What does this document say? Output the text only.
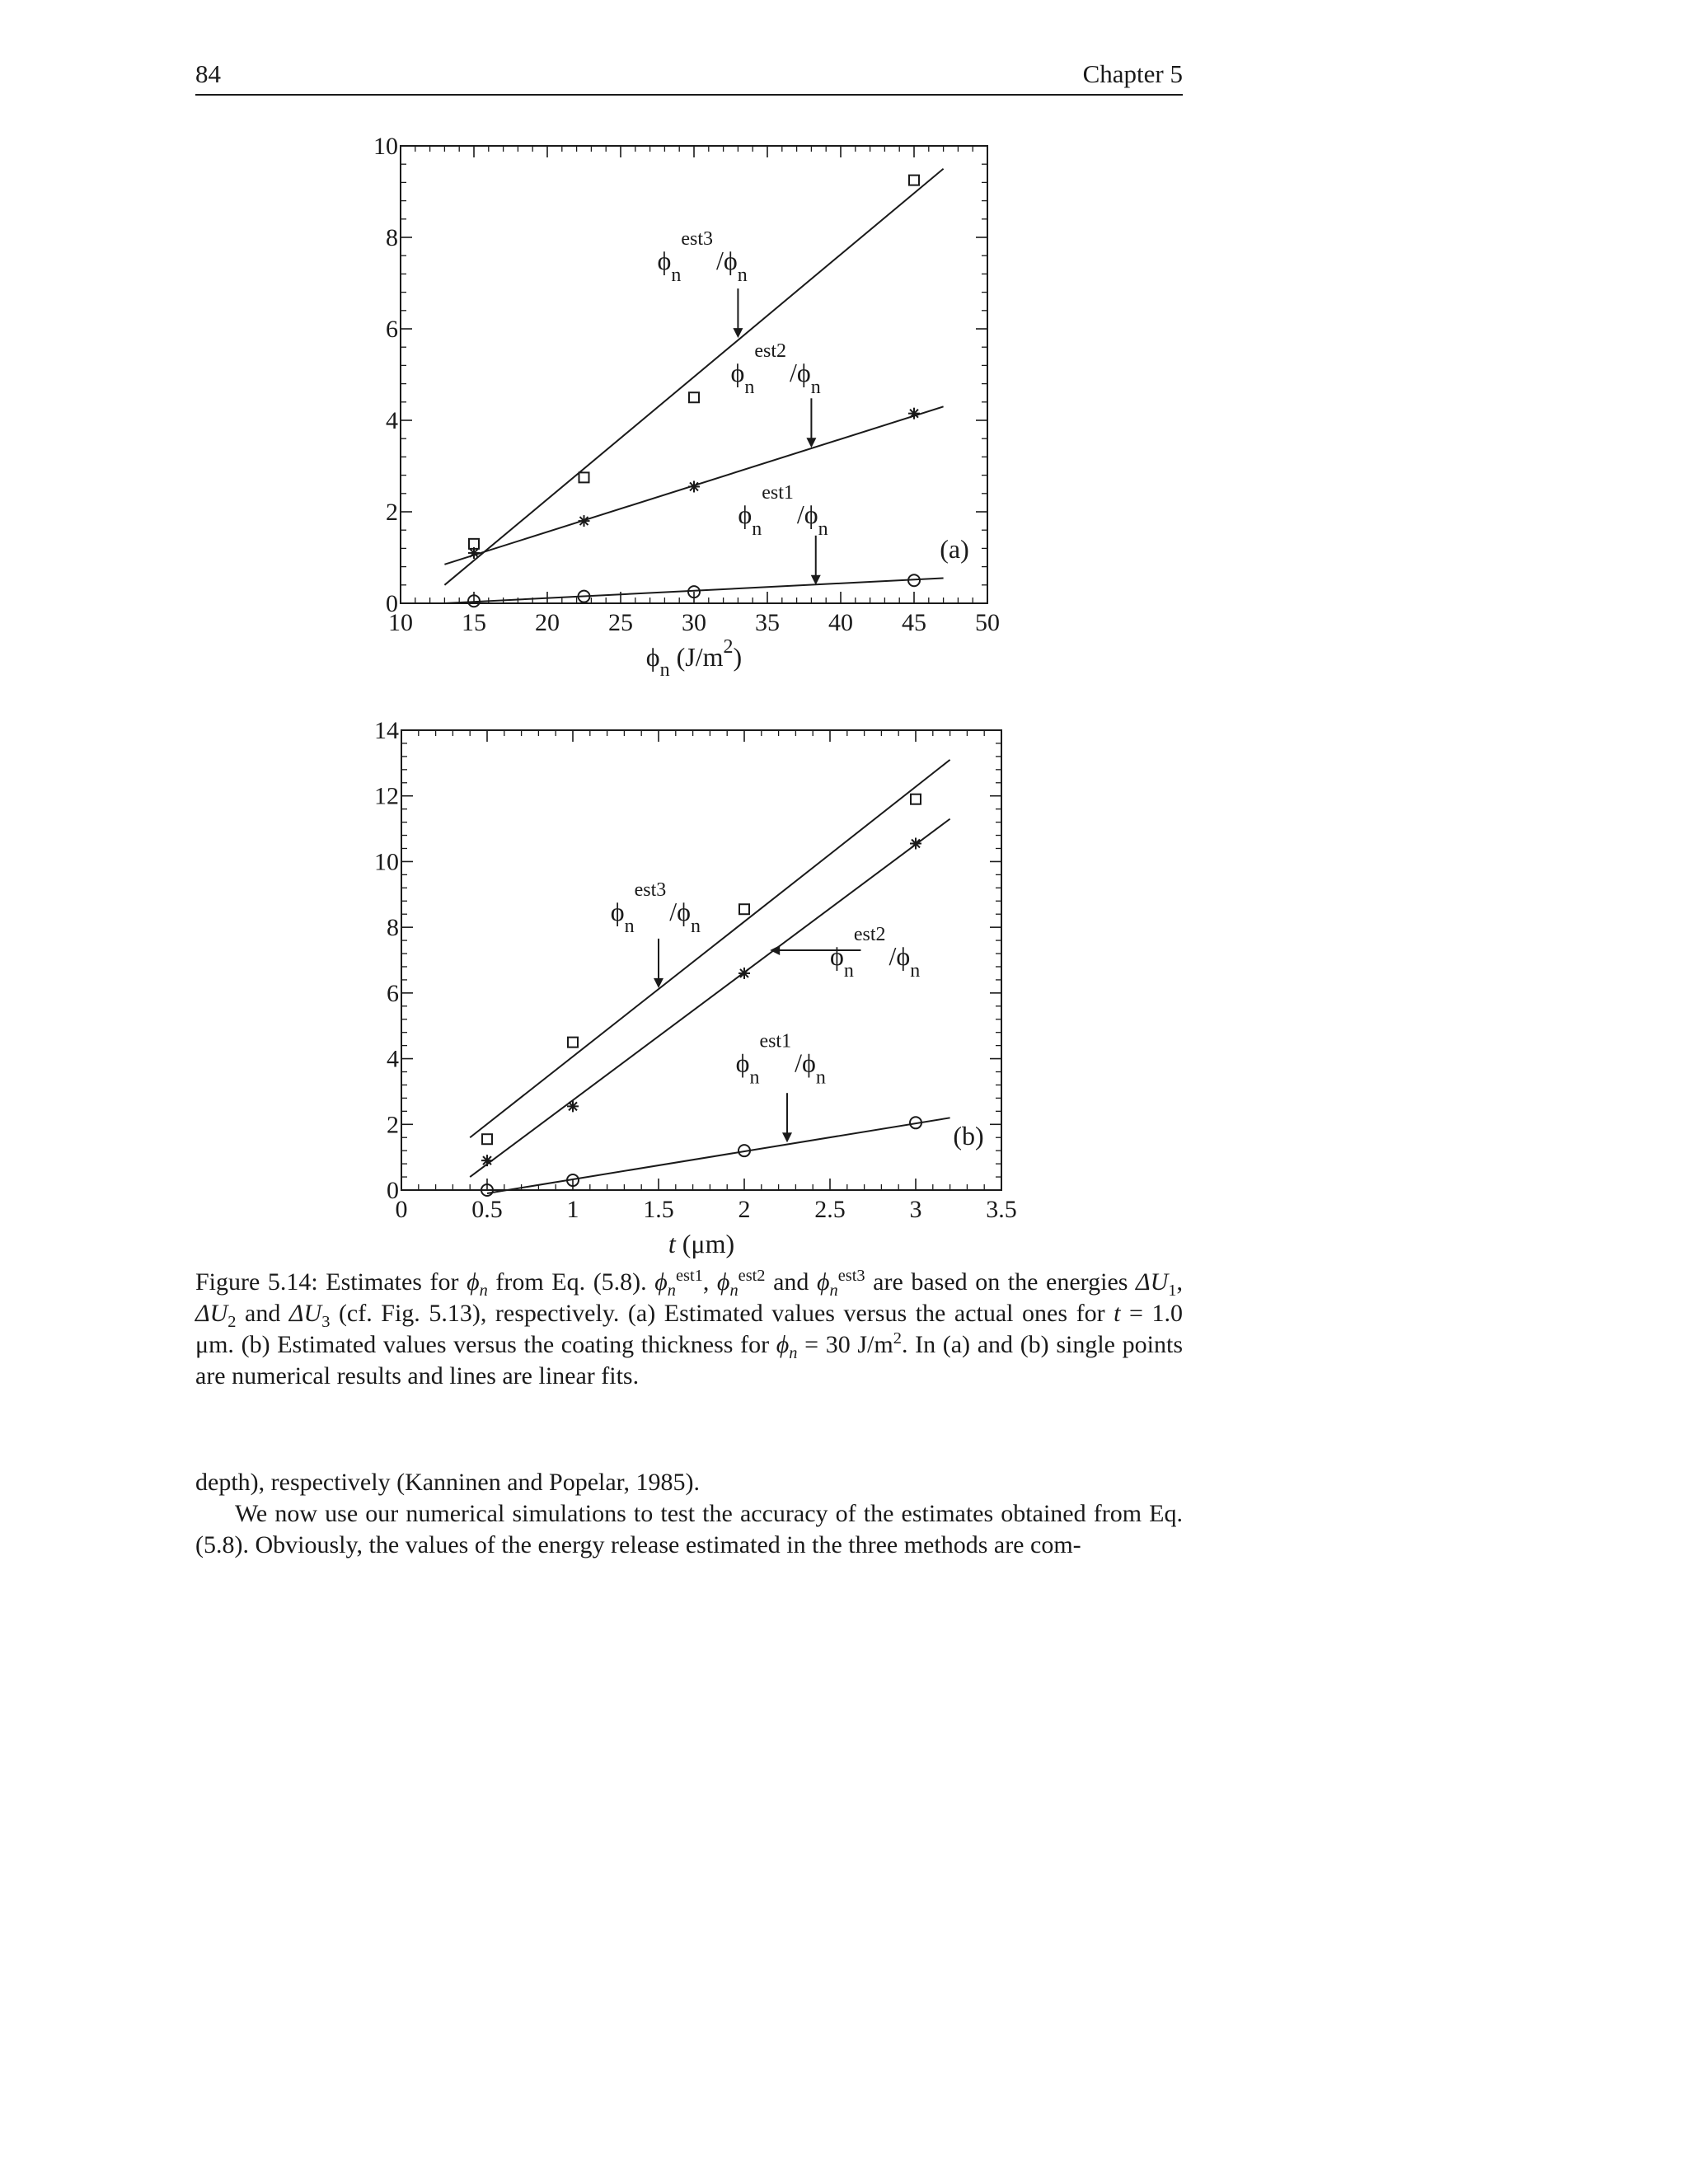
84	Chapter 5
10 15 20 25 30 35 40 45 50
0
2
4
6
8
10
$\phi_n^{est3}/\phi_n$
$\phi_n^{est2}/\phi_n$
$\phi_n^{est1}/\phi_n$
(a)
$\phi_n$ $(J/m^2)$
0	0.5	1	1.5	2	2.5	3	3.5
0
2
4
6
8
10
12
14
$\phi_n^{est3}/\phi_n$
$\phi_n^{est2}/\phi_n$
$\phi_n^{est1}/\phi_n$
(b)
t (μm)
Figure 5.14: Estimates for $\phi_n$ from Eq. (5.8). $\phi_n^{est1}$, $\phi_n^{est2}$ and $\phi_n^{est3}$ are based on the energies $\Delta U_1$, $\Delta U_2$ and $\Delta U_3$ (cf. Fig. 5.13), respectively. (a) Estimated values versus the actual ones for t = 1.0 μm. (b) Estimated values versus the coating thickness for $\phi_n = 30$ $J/m^2$. In (a) and (b) single points are numerical results and lines are linear fits.

depth), respectively (Kanninen and Popelar, 1985).

We now use our numerical simulations to test the accuracy of the estimates obtained from Eq. (5.8). Obviously, the values of the energy release estimated in the three methods are com-
